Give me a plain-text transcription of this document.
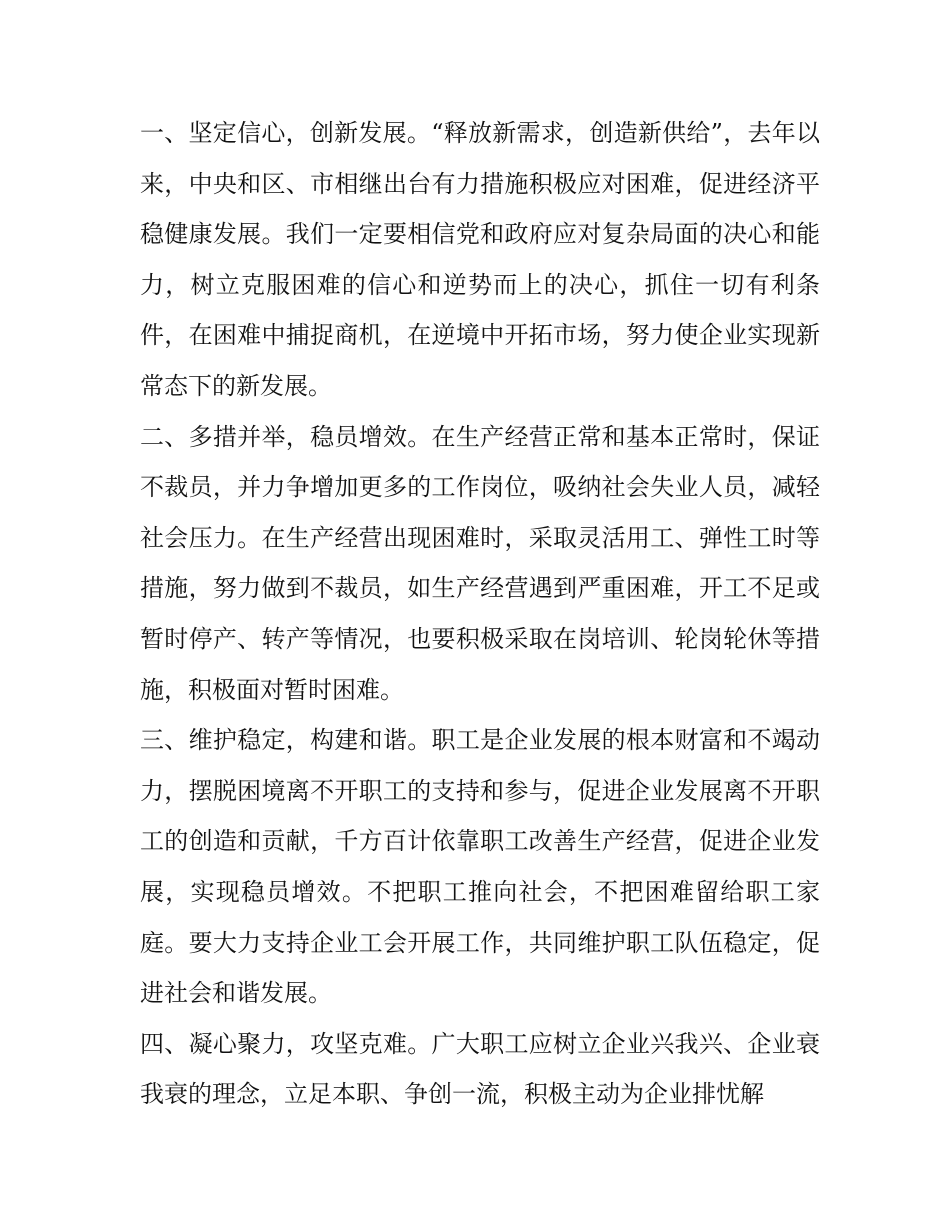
一、坚定信心，创新发展。“释放新需求，创造新供给”，去年以来，中央和区、市相继出台有力措施积极应对困难，促进经济平稳健康发展。我们一定要相信党和政府应对复杂局面的决心和能力，树立克服困难的信心和逆势而上的决心，抓住一切有利条件，在困难中捕捉商机，在逆境中开拓市场，努力使企业实现新常态下的新发展。

二、多措并举，稳员增效。在生产经营正常和基本正常时，保证不裁员，并力争增加更多的工作岗位，吸纳社会失业人员，减轻社会压力。在生产经营出现困难时，采取灵活用工、弹性工时等措施，努力做到不裁员，如生产经营遇到严重困难，开工不足或暂时停产、转产等情况，也要积极采取在岗培训、轮岗轮休等措施，积极面对暂时困难。

三、维护稳定，构建和谐。职工是企业发展的根本财富和不竭动力，摆脱困境离不开职工的支持和参与，促进企业发展离不开职工的创造和贡献，千方百计依靠职工改善生产经营，促进企业发展，实现稳员增效。不把职工推向社会，不把困难留给职工家庭。要大力支持企业工会开展工作，共同维护职工队伍稳定，促进社会和谐发展。

四、凝心聚力，攻坚克难。广大职工应树立企业兴我兴、企业衰我衰的理念，立足本职、争创一流，积极主动为企业排忧解
